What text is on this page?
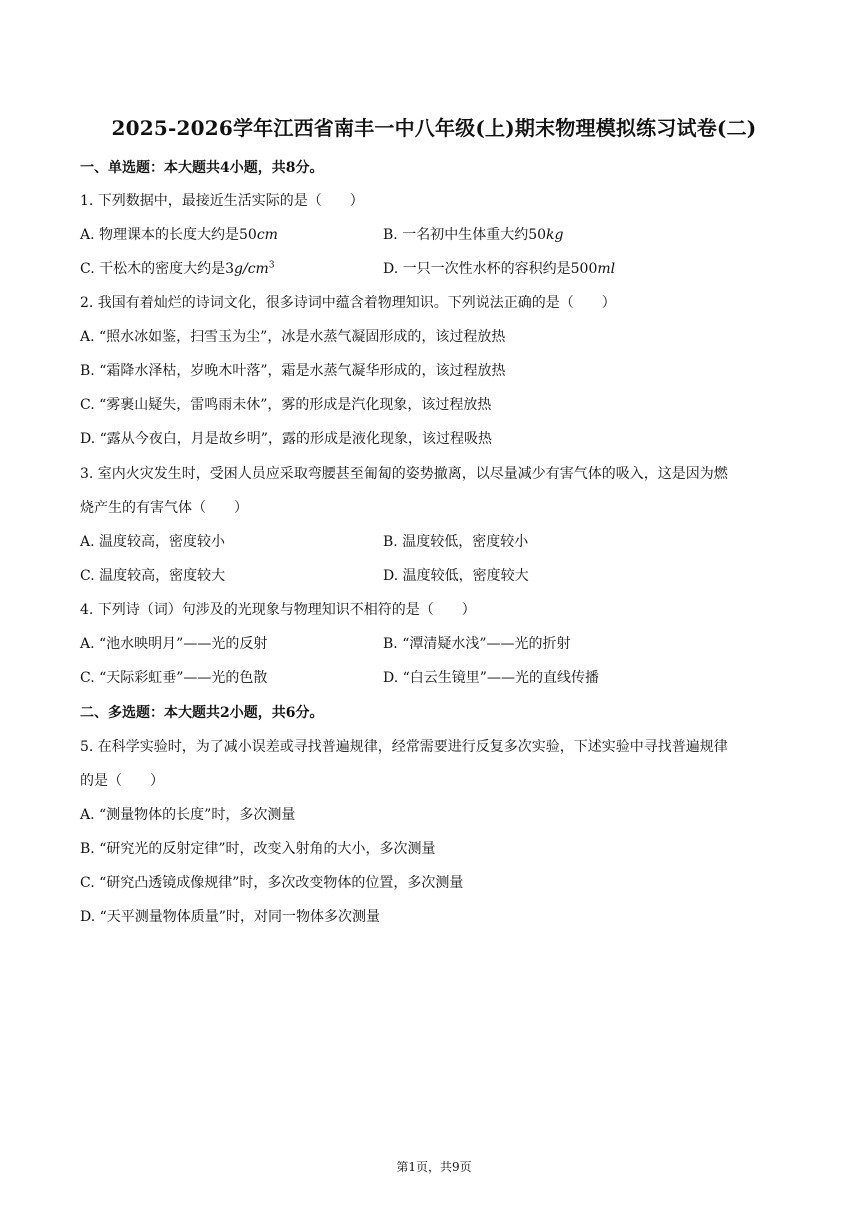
2025-2026学年江西省南丰一中八年级(上)期末物理模拟练习试卷(二)
一、单选题：本大题共4小题，共8分。
1. 下列数据中，最接近生活实际的是（　　）
A. 物理课本的长度大约是50cm	B. 一名初中生体重大约50kg
C. 干松木的密度大约是$3g/cm^3$	D. 一只一次性水杯的容积约是500ml
2. 我国有着灿烂的诗词文化，很多诗词中蕴含着物理知识。下列说法正确的是（　　）
A. “照水冰如鉴，扫雪玉为尘”，冰是水蒸气凝固形成的，该过程放热
B. “霜降水泽枯，岁晚木叶落”，霜是水蒸气凝华形成的，该过程放热
C. “雾裹山疑失，雷鸣雨未休”，雾的形成是汽化现象，该过程放热
D. “露从今夜白，月是故乡明”，露的形成是液化现象，该过程吸热
3. 室内火灾发生时，受困人员应采取弯腰甚至匍匐的姿势撤离，以尽量减少有害气体的吸入，这是因为燃
烧产生的有害气体（　　）
A. 温度较高，密度较小	B. 温度较低，密度较小
C. 温度较高，密度较大	D. 温度较低，密度较大
4. 下列诗（词）句涉及的光现象与物理知识不相符的是（　　）
A. “池水映明月”——光的反射	B. “潭清疑水浅”——光的折射
C. “天际彩虹垂”——光的色散	D. “白云生镜里”——光的直线传播
二、多选题：本大题共2小题，共6分。
5. 在科学实验时，为了减小误差或寻找普遍规律，经常需要进行反复多次实验，下述实验中寻找普遍规律
的是（　　）
A. “测量物体的长度”时，多次测量
B. “研究光的反射定律”时，改变入射角的大小，多次测量
C. “研究凸透镜成像规律”时，多次改变物体的位置，多次测量
D. “天平测量物体质量”时，对同一物体多次测量
第1页，共9页
